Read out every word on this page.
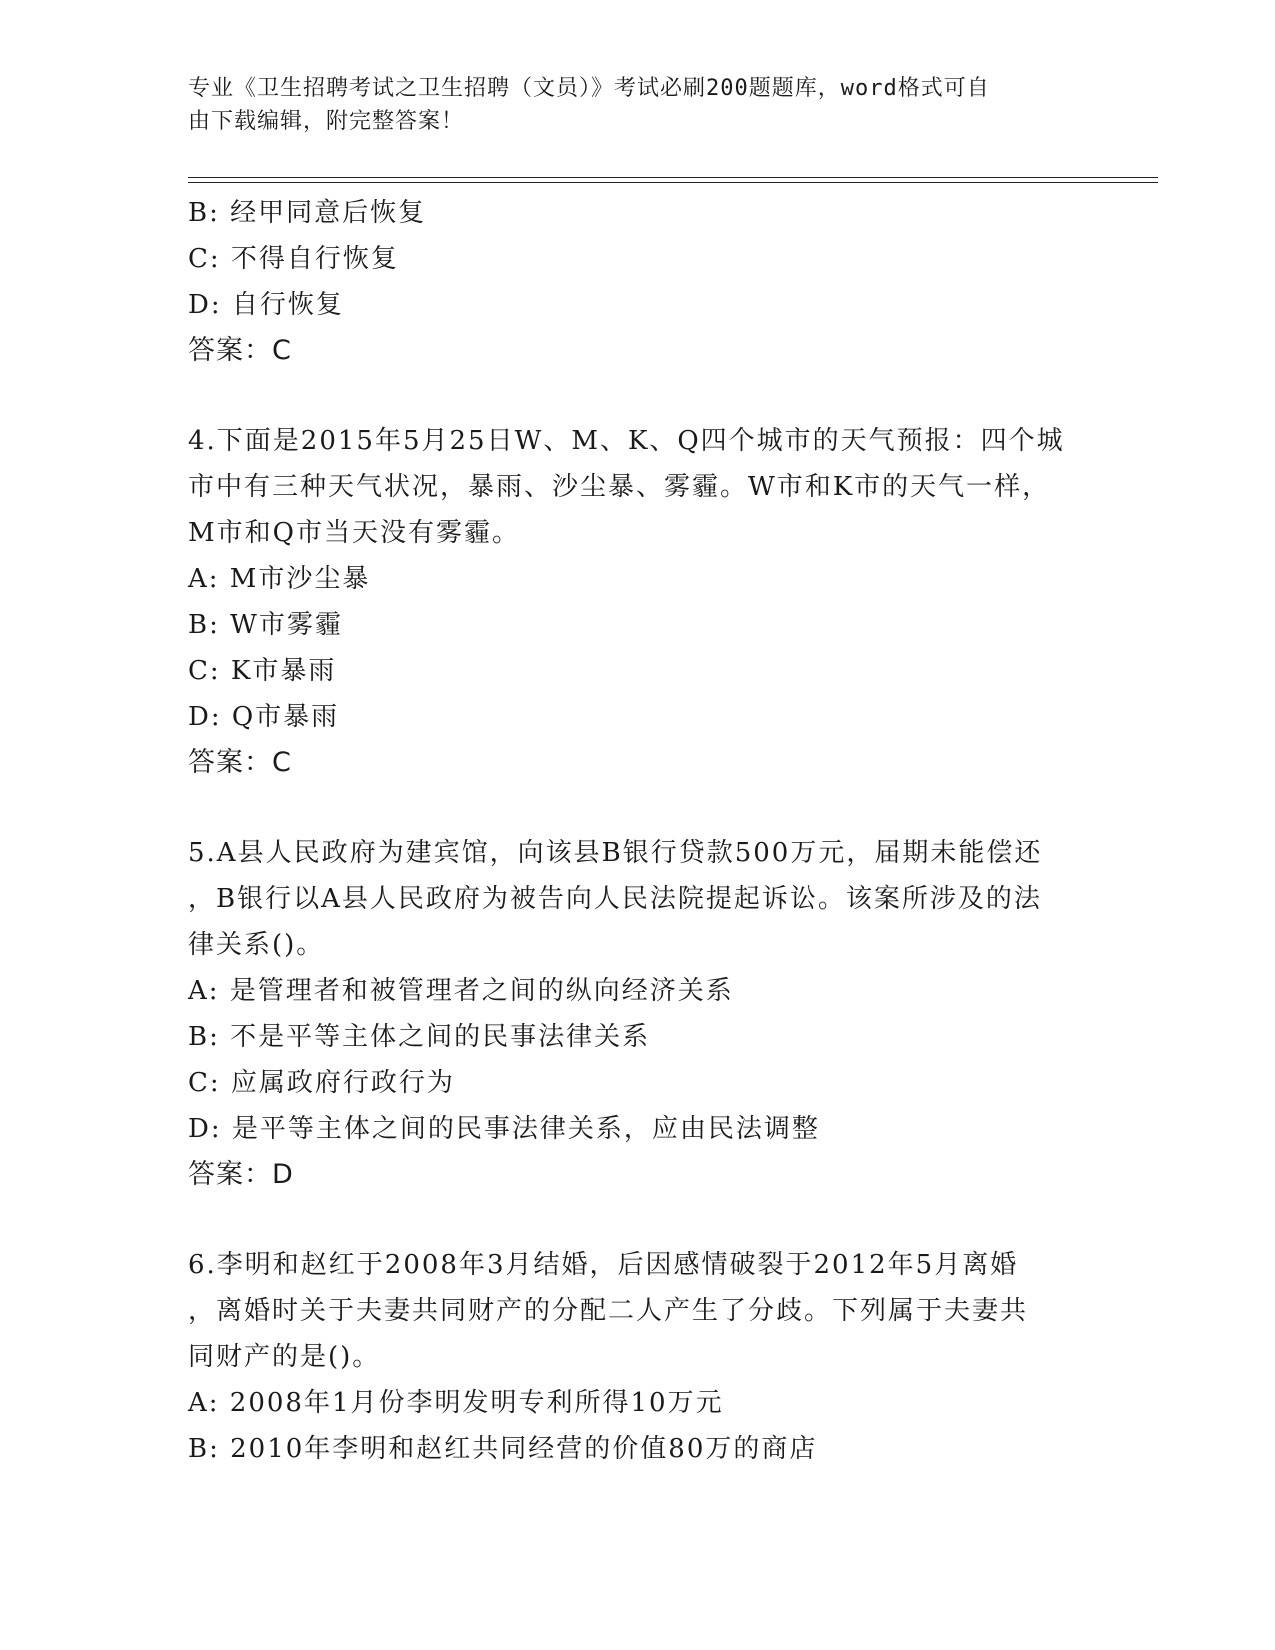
专业《卫生招聘考试之卫生招聘（文员）》考试必刷200题题库，word格式可自
由下载编辑，附完整答案！
B: 经甲同意后恢复
C: 不得自行恢复
D: 自行恢复
答案：C
4.下面是2015年5月25日W、M、K、Q四个城市的天气预报：四个城
市中有三种天气状况，暴雨、沙尘暴、雾霾。W市和K市的天气一样，
M市和Q市当天没有雾霾。
A: M市沙尘暴
B: W市雾霾
C: K市暴雨
D: Q市暴雨
答案：C
5.A县人民政府为建宾馆，向该县B银行贷款500万元，届期未能偿还
，B银行以A县人民政府为被告向人民法院提起诉讼。该案所涉及的法
律关系()。
A: 是管理者和被管理者之间的纵向经济关系
B: 不是平等主体之间的民事法律关系
C: 应属政府行政行为
D: 是平等主体之间的民事法律关系，应由民法调整
答案：D
6.李明和赵红于2008年3月结婚，后因感情破裂于2012年5月离婚
，离婚时关于夫妻共同财产的分配二人产生了分歧。下列属于夫妻共
同财产的是()。
A: 2008年1月份李明发明专利所得10万元
B: 2010年李明和赵红共同经营的价值80万的商店
